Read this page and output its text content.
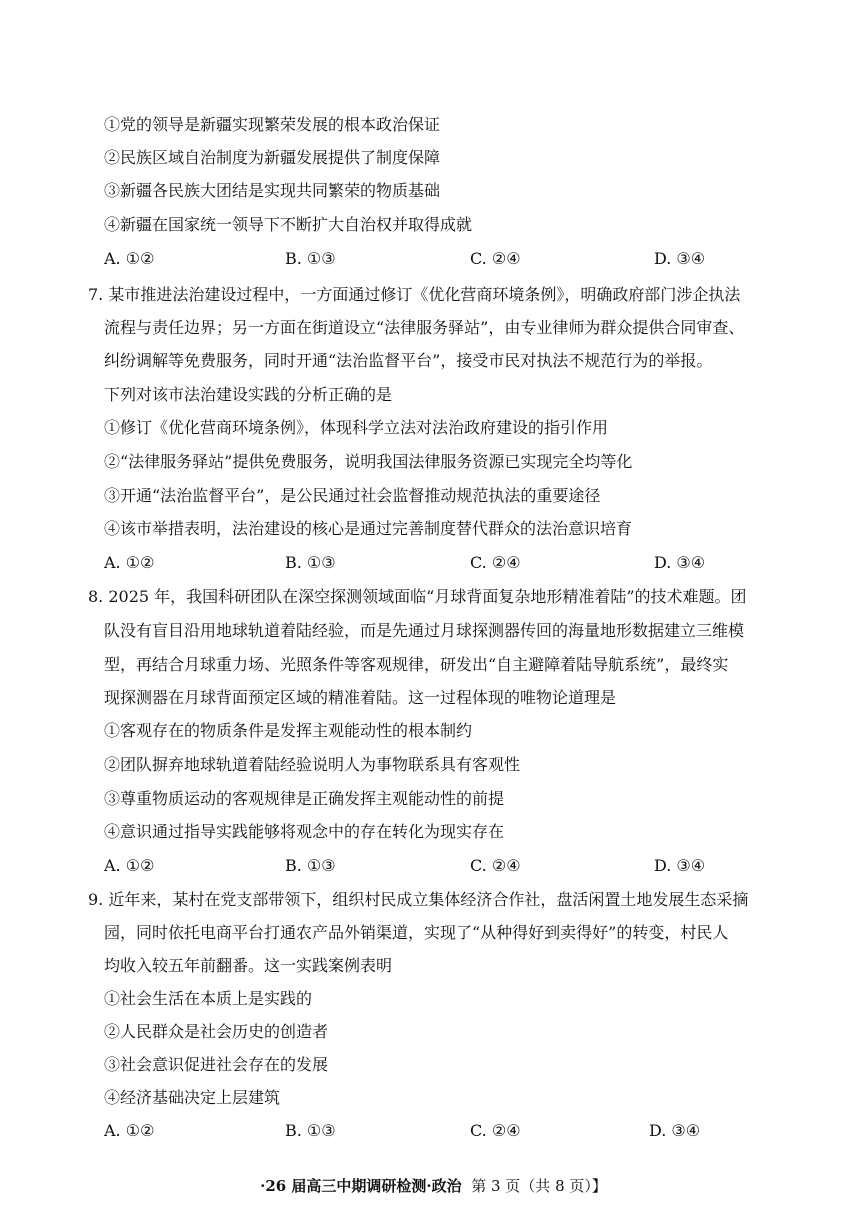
①党的领导是新疆实现繁荣发展的根本政治保证
②民族区域自治制度为新疆发展提供了制度保障
③新疆各民族大团结是实现共同繁荣的物质基础
④新疆在国家统一领导下不断扩大自治权并取得成就
A. ①②	B. ①③	C. ②④	D. ③④
7. 某市推进法治建设过程中，一方面通过修订《优化营商环境条例》，明确政府部门涉企执法
流程与责任边界；另一方面在街道设立“法律服务驿站”，由专业律师为群众提供合同审查、
纠纷调解等免费服务，同时开通“法治监督平台”，接受市民对执法不规范行为的举报。
下列对该市法治建设实践的分析正确的是
①修订《优化营商环境条例》，体现科学立法对法治政府建设的指引作用
②“法律服务驿站”提供免费服务，说明我国法律服务资源已实现完全均等化
③开通“法治监督平台”，是公民通过社会监督推动规范执法的重要途径
④该市举措表明，法治建设的核心是通过完善制度替代群众的法治意识培育
A. ①②	B. ①③	C. ②④	D. ③④
8. 2025 年，我国科研团队在深空探测领域面临“月球背面复杂地形精准着陆”的技术难题。团
队没有盲目沿用地球轨道着陆经验，而是先通过月球探测器传回的海量地形数据建立三维模
型，再结合月球重力场、光照条件等客观规律，研发出“自主避障着陆导航系统”，最终实
现探测器在月球背面预定区域的精准着陆。这一过程体现的唯物论道理是
①客观存在的物质条件是发挥主观能动性的根本制约
②团队摒弃地球轨道着陆经验说明人为事物联系具有客观性
③尊重物质运动的客观规律是正确发挥主观能动性的前提
④意识通过指导实践能够将观念中的存在转化为现实存在
A. ①②	B. ①③	C. ②④	D. ③④
9. 近年来，某村在党支部带领下，组织村民成立集体经济合作社，盘活闲置土地发展生态采摘
园，同时依托电商平台打通农产品外销渠道，实现了“从种得好到卖得好”的转变，村民人
均收入较五年前翻番。这一实践案例表明
①社会生活在本质上是实践的
②人民群众是社会历史的创造者
③社会意识促进社会存在的发展
④经济基础决定上层建筑
A. ①②	B. ①③	C. ②④	D. ③④
·26 届高三中期调研检测·政治 第 3 页（共 8 页）】
